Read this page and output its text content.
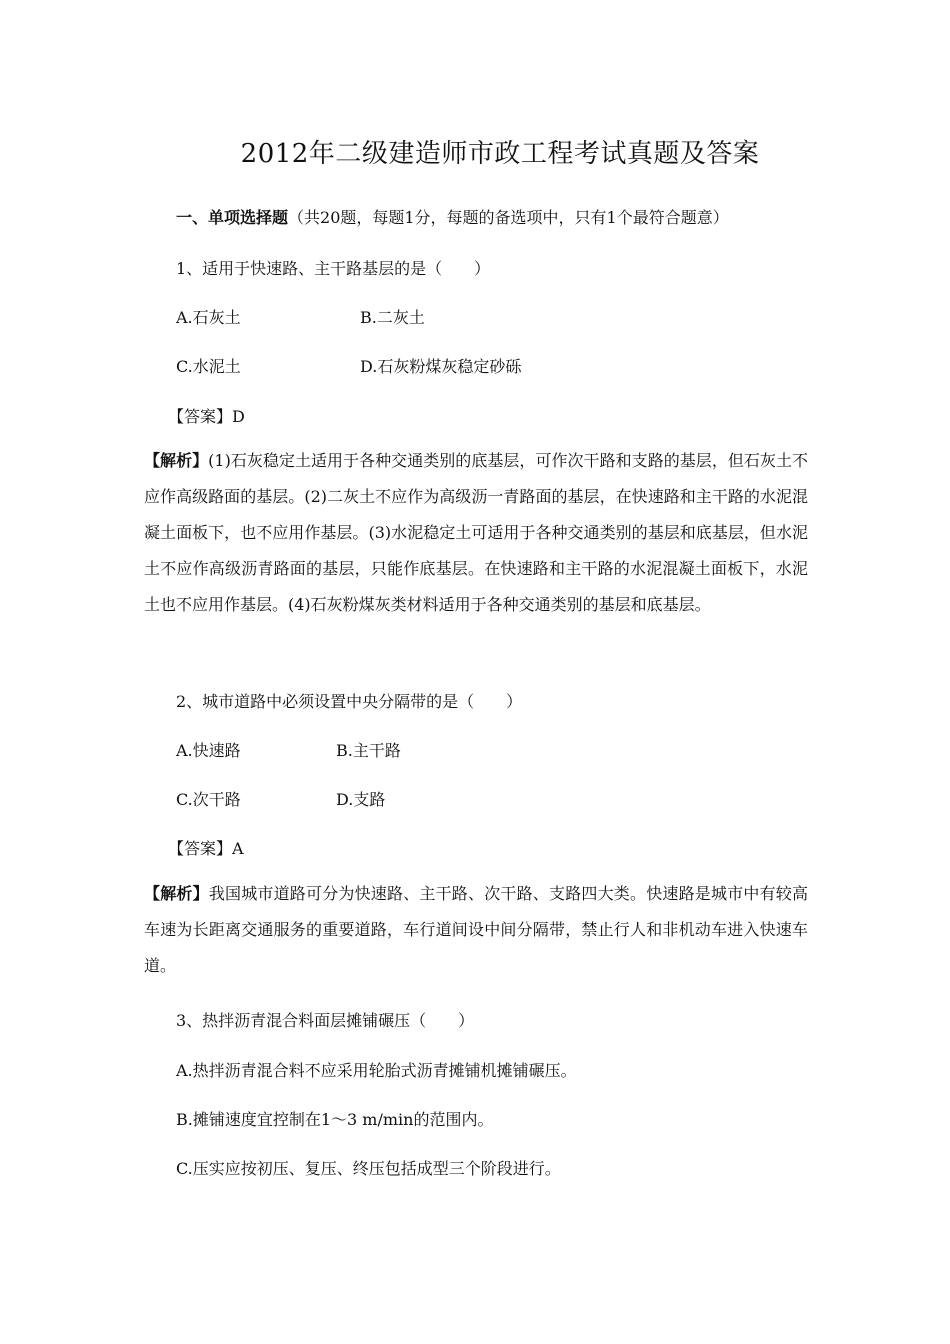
2012年二级建造师市政工程考试真题及答案
一、单项选择题（共20题，每题1分，每题的备选项中，只有1个最符合题意）
1、适用于快速路、主干路基层的是（　　）
A.石灰土	B.二灰土
C.水泥土	D.石灰粉煤灰稳定砂砾
【答案】D
【解析】(1)石灰稳定土适用于各种交通类别的底基层，可作次干路和支路的基层，但石灰土不应作高级路面的基层。(2)二灰土不应作为高级沥一青路面的基层，在快速路和主干路的水泥混凝土面板下，也不应用作基层。(3)水泥稳定土可适用于各种交通类别的基层和底基层，但水泥土不应作高级沥青路面的基层，只能作底基层。在快速路和主干路的水泥混凝土面板下，水泥土也不应用作基层。(4)石灰粉煤灰类材料适用于各种交通类别的基层和底基层。
2、城市道路中必须设置中央分隔带的是（　　）
A.快速路	B.主干路
C.次干路	D.支路
【答案】A
【解析】我国城市道路可分为快速路、主干路、次干路、支路四大类。快速路是城市中有较高车速为长距离交通服务的重要道路，车行道间设中间分隔带，禁止行人和非机动车进入快速车道。
3、热拌沥青混合料面层摊铺碾压（　　）
A.热拌沥青混合料不应采用轮胎式沥青摊铺机摊铺碾压。
B.摊铺速度宜控制在1～3 m/min的范围内。
C.压实应按初压、复压、终压包括成型三个阶段进行。
